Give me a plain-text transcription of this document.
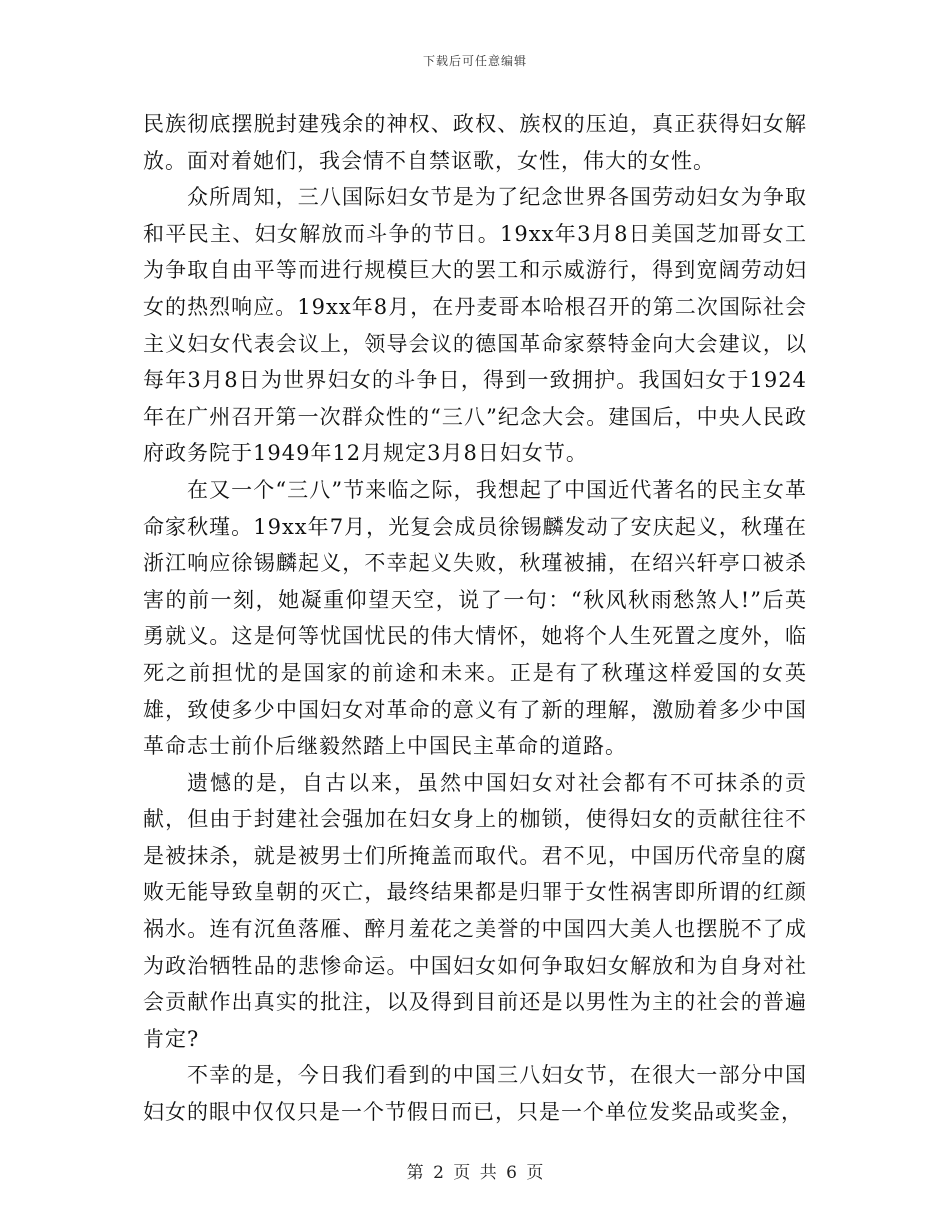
下载后可任意编辑

民族彻底摆脱封建残余的神权、政权、族权的压迫，真正获得妇女解放。面对着她们，我会情不自禁讴歌，女性，伟大的女性。

众所周知，三八国际妇女节是为了纪念世界各国劳动妇女为争取和平民主、妇女解放而斗争的节日。19xx年3月8日美国芝加哥女工为争取自由平等而进行规模巨大的罢工和示威游行，得到宽阔劳动妇女的热烈响应。19xx年8月，在丹麦哥本哈根召开的第二次国际社会主义妇女代表会议上，领导会议的德国革命家蔡特金向大会建议，以每年3月8日为世界妇女的斗争日，得到一致拥护。我国妇女于1924年在广州召开第一次群众性的“三八”纪念大会。建国后，中央人民政府政务院于1949年12月规定3月8日妇女节。

在又一个“三八”节来临之际，我想起了中国近代著名的民主女革命家秋瑾。19xx年7月，光复会成员徐锡麟发动了安庆起义，秋瑾在浙江响应徐锡麟起义，不幸起义失败，秋瑾被捕，在绍兴轩亭口被杀害的前一刻，她凝重仰望天空，说了一句：“秋风秋雨愁煞人!”后英勇就义。这是何等忧国忧民的伟大情怀，她将个人生死置之度外，临死之前担忧的是国家的前途和未来。正是有了秋瑾这样爱国的女英雄，致使多少中国妇女对革命的意义有了新的理解，激励着多少中国革命志士前仆后继毅然踏上中国民主革命的道路。

遗憾的是，自古以来，虽然中国妇女对社会都有不可抹杀的贡献，但由于封建社会强加在妇女身上的枷锁，使得妇女的贡献往往不是被抹杀，就是被男士们所掩盖而取代。君不见，中国历代帝皇的腐败无能导致皇朝的灭亡，最终结果都是归罪于女性祸害即所谓的红颜祸水。连有沉鱼落雁、醉月羞花之美誉的中国四大美人也摆脱不了成为政治牺牲品的悲惨命运。中国妇女如何争取妇女解放和为自身对社会贡献作出真实的批注，以及得到目前还是以男性为主的社会的普遍肯定?

不幸的是，今日我们看到的中国三八妇女节，在很大一部分中国妇女的眼中仅仅只是一个节假日而已，只是一个单位发奖品或奖金，

第 2 页 共 6 页
